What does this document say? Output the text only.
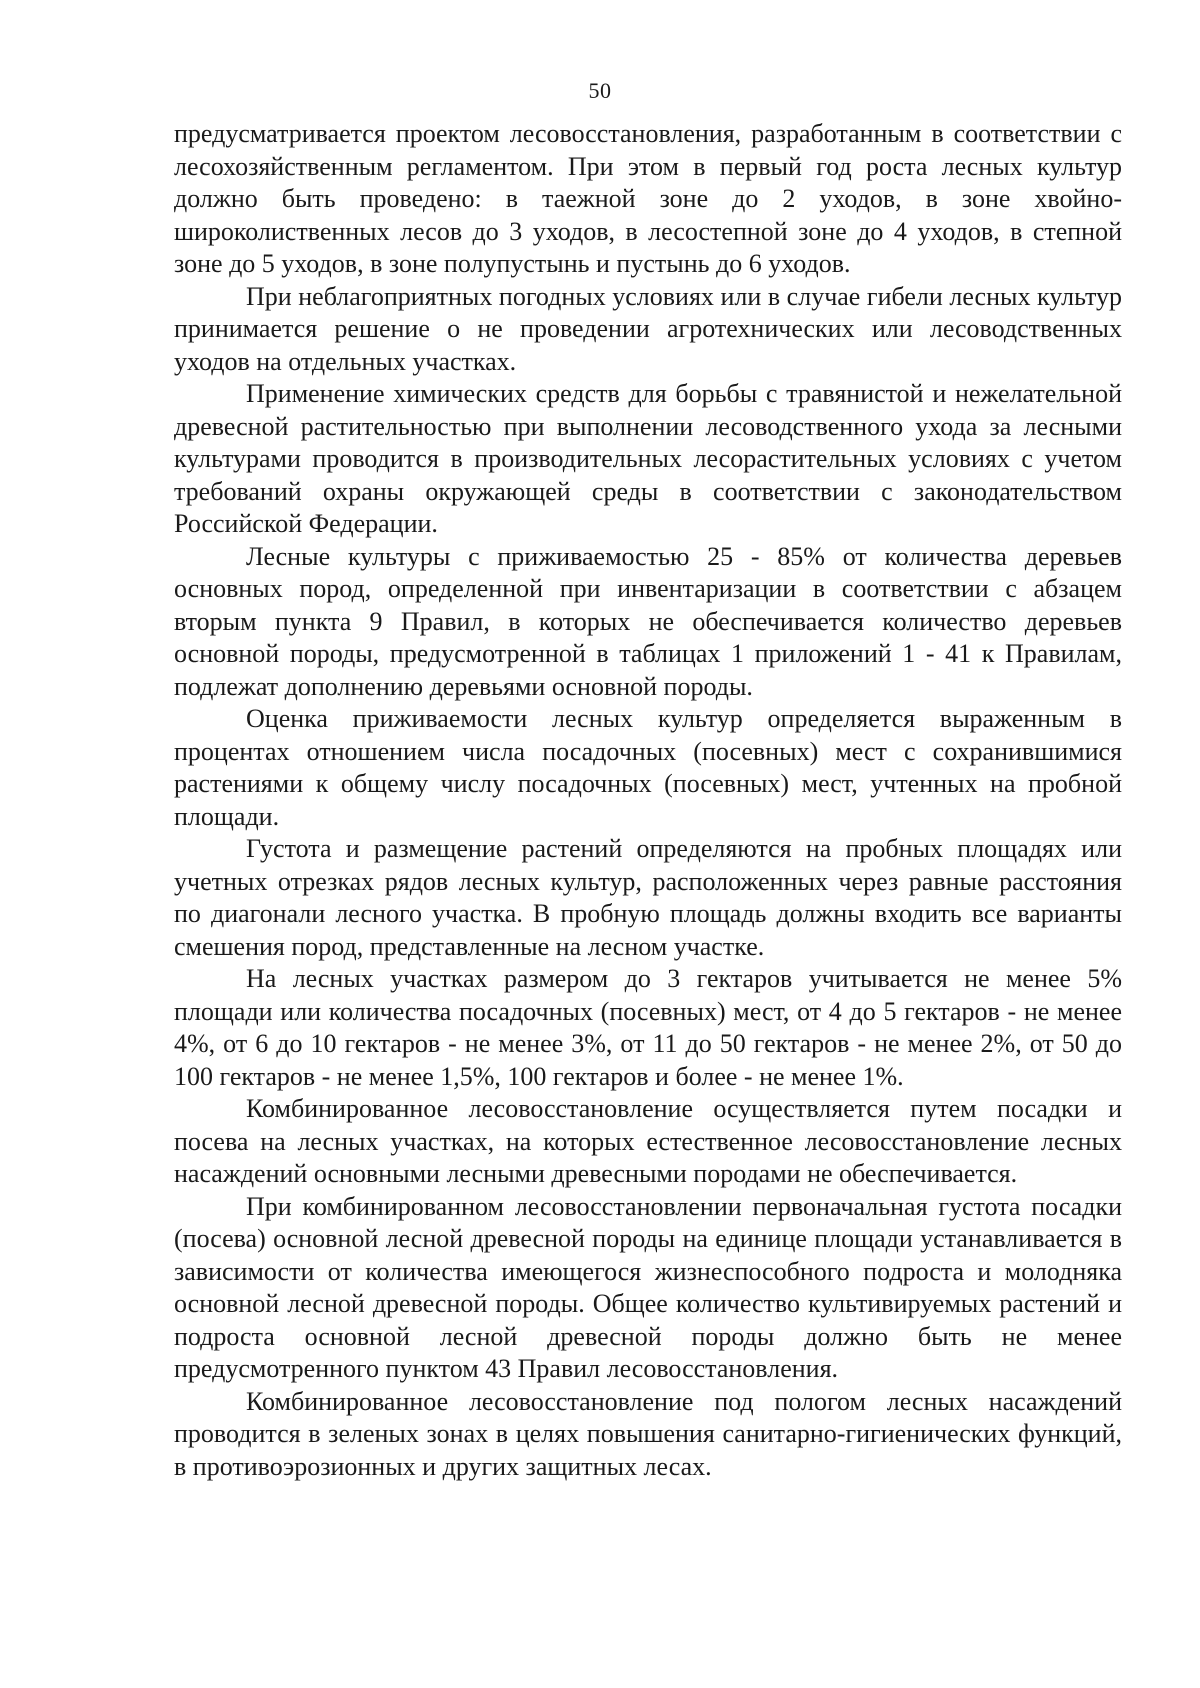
50

предусматривается проектом лесовосстановления, разработанным в соответствии с лесохозяйственным регламентом. При этом в первый год роста лесных культур должно быть проведено: в таежной зоне до 2 уходов, в зоне хвойно-широколиственных лесов до 3 уходов, в лесостепной зоне до 4 уходов, в степной зоне до 5 уходов, в зоне полупустынь и пустынь до 6 уходов.

При неблагоприятных погодных условиях или в случае гибели лесных культур принимается решение о не проведении агротехнических или лесоводственных уходов на отдельных участках.

Применение химических средств для борьбы с травянистой и нежелательной древесной растительностью при выполнении лесоводственного ухода за лесными культурами проводится в производительных лесорастительных условиях с учетом требований охраны окружающей среды в соответствии с законодательством Российской Федерации.

Лесные культуры с приживаемостью 25 - 85% от количества деревьев основных пород, определенной при инвентаризации в соответствии с абзацем вторым пункта 9 Правил, в которых не обеспечивается количество деревьев основной породы, предусмотренной в таблицах 1 приложений 1 - 41 к Правилам, подлежат дополнению деревьями основной породы.

Оценка приживаемости лесных культур определяется выраженным в процентах отношением числа посадочных (посевных) мест с сохранившимися растениями к общему числу посадочных (посевных) мест, учтенных на пробной площади.

Густота и размещение растений определяются на пробных площадях или учетных отрезках рядов лесных культур, расположенных через равные расстояния по диагонали лесного участка. В пробную площадь должны входить все варианты смешения пород, представленные на лесном участке.

На лесных участках размером до 3 гектаров учитывается не менее 5% площади или количества посадочных (посевных) мест, от 4 до 5 гектаров - не менее 4%, от 6 до 10 гектаров - не менее 3%, от 11 до 50 гектаров - не менее 2%, от 50 до 100 гектаров - не менее 1,5%, 100 гектаров и более - не менее 1%.

Комбинированное лесовосстановление осуществляется путем посадки и посева на лесных участках, на которых естественное лесовосстановление лесных насаждений основными лесными древесными породами не обеспечивается.

При комбинированном лесовосстановлении первоначальная густота посадки (посева) основной лесной древесной породы на единице площади устанавливается в зависимости от количества имеющегося жизнеспособного подроста и молодняка основной лесной древесной породы. Общее количество культивируемых растений и подроста основной лесной древесной породы должно быть не менее предусмотренного пунктом 43 Правил лесовосстановления.

Комбинированное лесовосстановление под пологом лесных насаждений проводится в зеленых зонах в целях повышения санитарно-гигиенических функций, в противоэрозионных и других защитных лесах.
